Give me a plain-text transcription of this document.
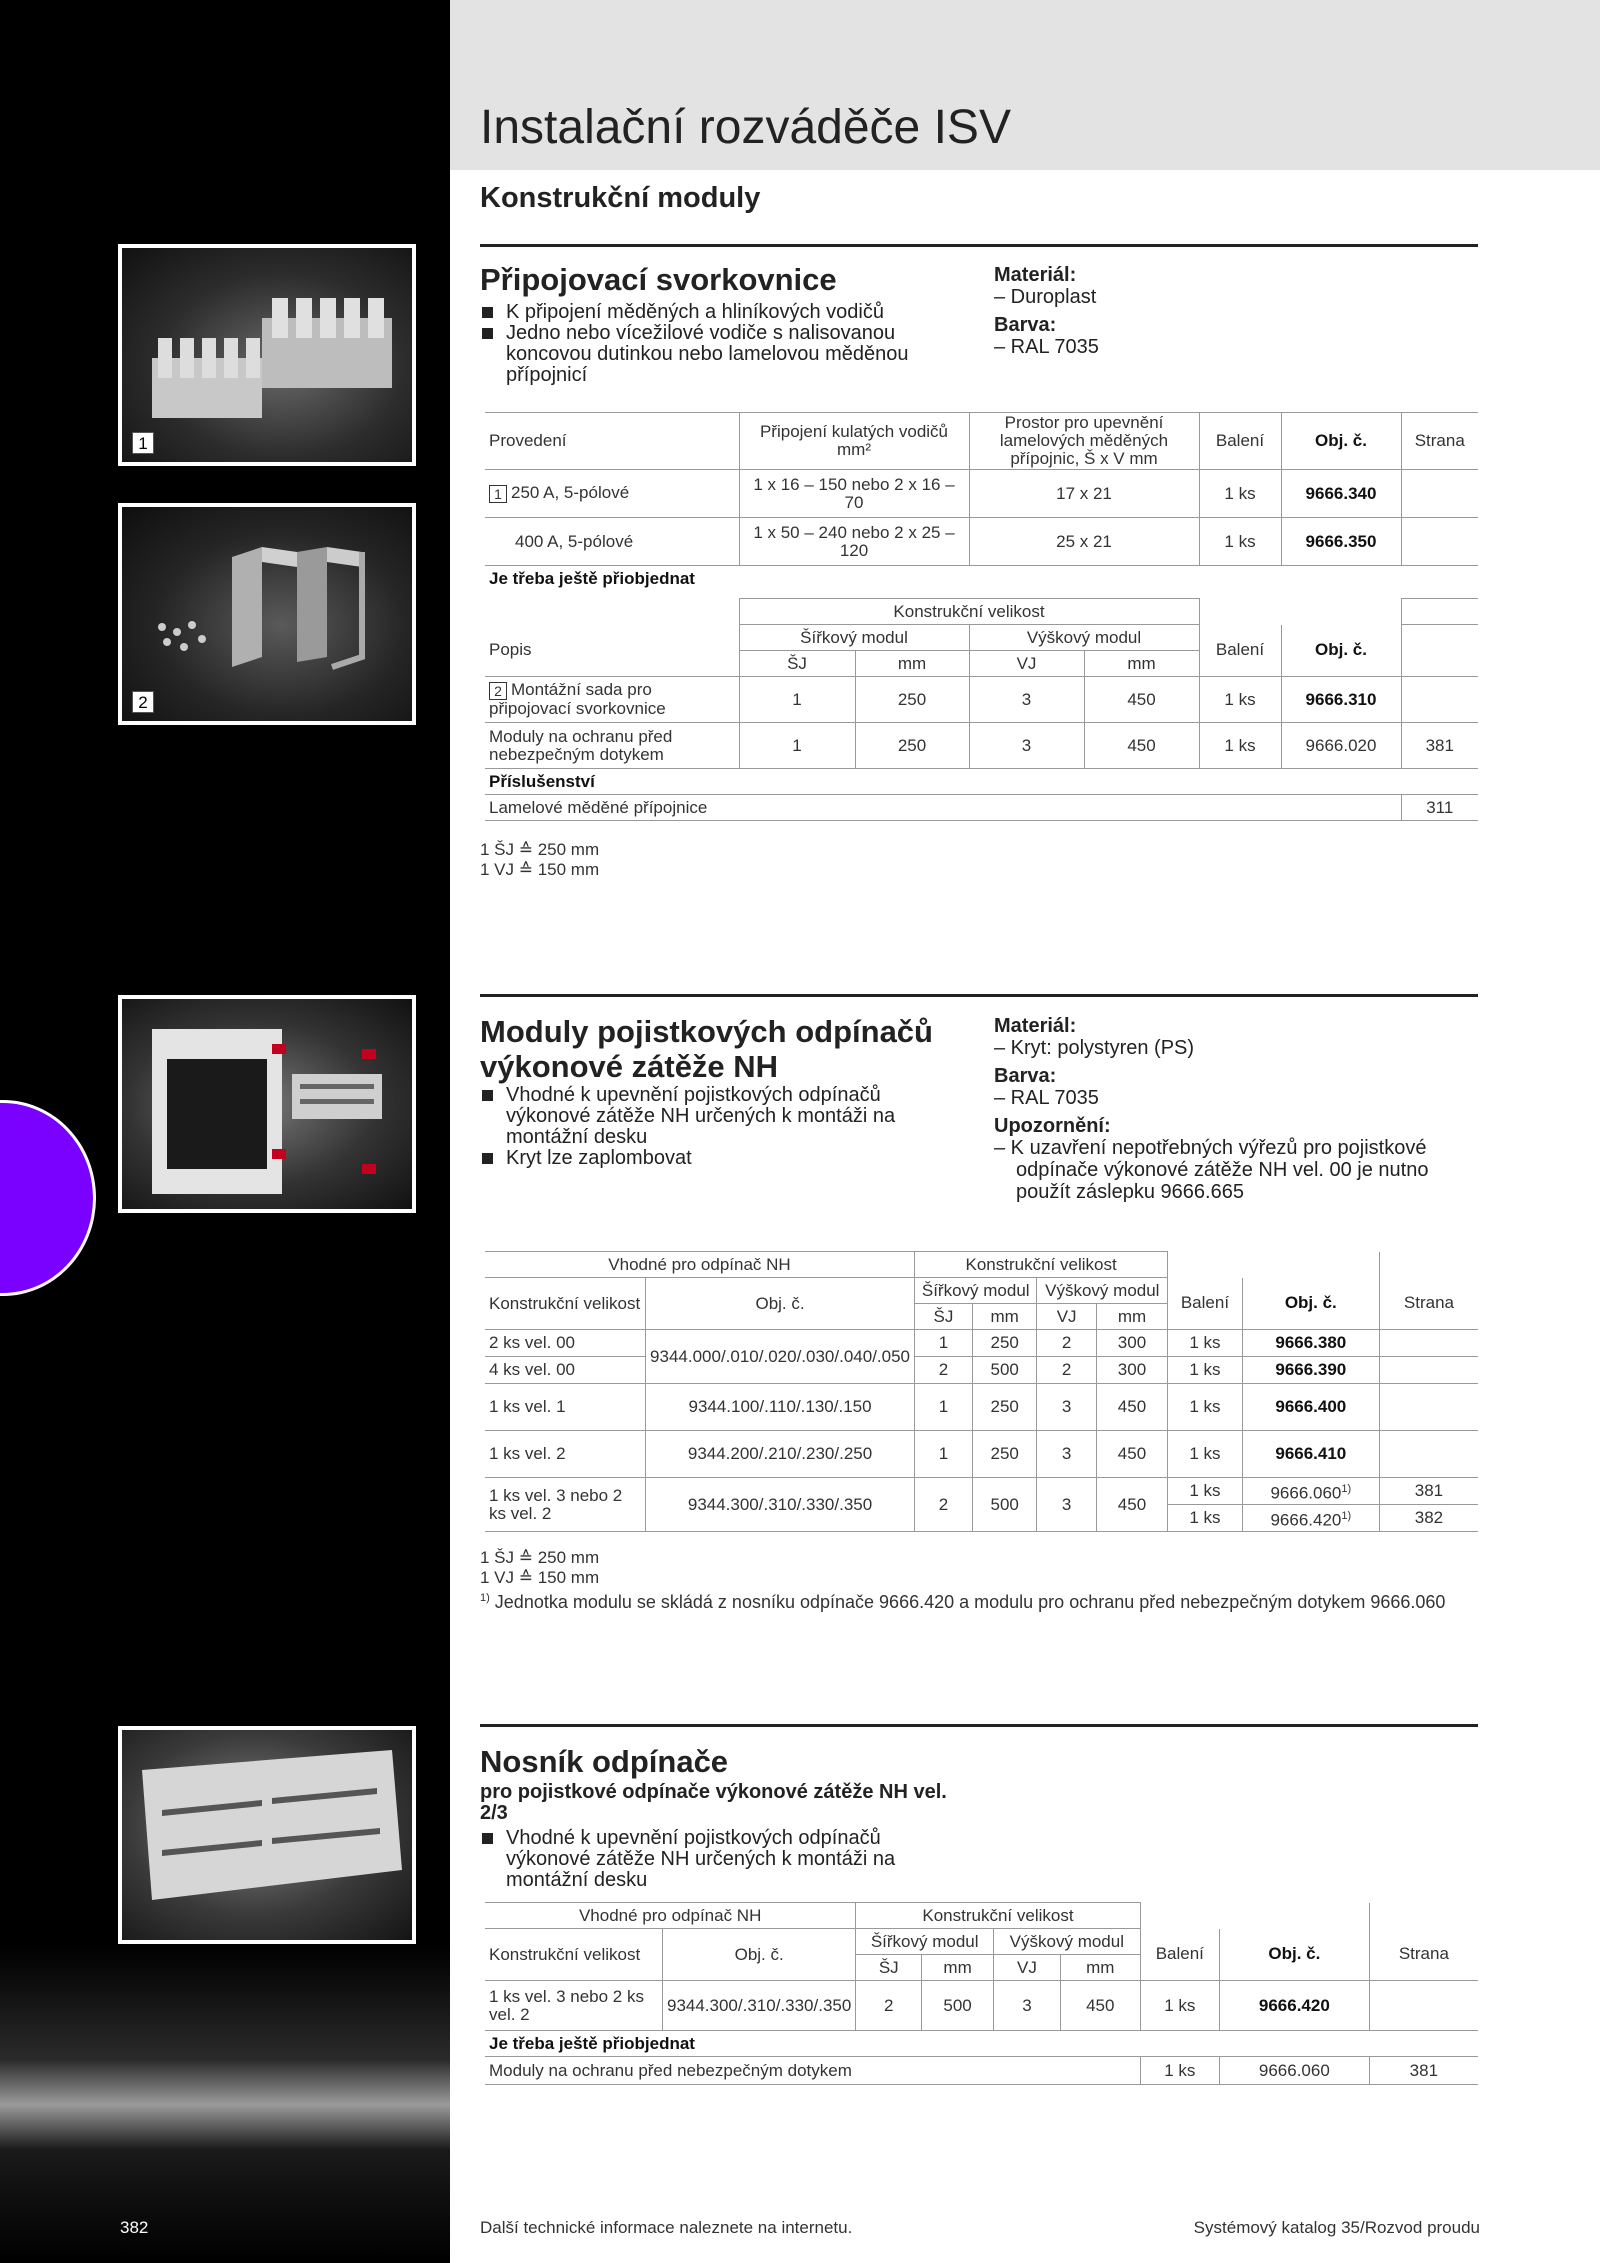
1
2
Instalační rozváděče ISV
Konstrukční moduly
Připojovací svorkovnice
K připojení měděných a hliníkových vodičů
Jedno nebo vícežilové vodiče s nalisovanou koncovou dutinkou nebo lamelovou měděnou přípojnicí
Materiál:
– Duroplast
Barva:
– RAL 7035
Provedení	Připojení kulatých vodičů mm²	Prostor pro upevnění lamelových měděných přípojnic, Š x V mm	Balení	Obj. č.	Strana
1 250 A, 5-pólové	1 x 16 – 150 nebo 2 x 16 – 70	17 x 21	1 ks	9666.340	
400 A, 5-pólové	1 x 50 – 240 nebo 2 x 25 – 120	25 x 21	1 ks	9666.350	
Je třeba ještě přiobjednat					
	Konstrukční velikost						
Popis	Šířkový modul		Výškový modul		Balení	Obj. č.	
	ŠJ	mm	VJ	mm			
2 Montážní sada pro připojovací svorkovnice	1	250	3	450	1 ks	9666.310	
Moduly na ochranu před nebezpečným dotykem	1	250	3	450	1 ks	9666.020	381
Příslušenství							
Lamelové měděné přípojnice							311
1 ŠJ ≙ 250 mm
1 VJ ≙ 150 mm
Moduly pojistkových odpínačů výkonové zátěže NH
Vhodné k upevnění pojistkových odpínačů výkonové zátěže NH určených k montáži na montážní desku
Kryt lze zaplombovat
Materiál:
– Kryt: polystyren (PS)
Barva:
– RAL 7035
Upozornění:
– K uzavření nepotřebných výřezů pro pojistkové odpínače výkonové zátěže NH vel. 00 je nutno použít záslepku 9666.665
Vhodné pro odpínač NH		Konstrukční velikost						
Konstrukční velikost	Obj. č.	Šířkový modul		Výškový modul		Balení	Obj. č.	Strana
		ŠJ	mm	VJ	mm			
2 ks vel. 00	9344.000/.010/.020/.030/.040/.050	1	250	2	300	1 ks	9666.380	
4 ks vel. 00		2	500	2	300	1 ks	9666.390	
1 ks vel. 1	9344.100/.110/.130/.150	1	250	3	450	1 ks	9666.400	
1 ks vel. 2	9344.200/.210/.230/.250	1	250	3	450	1 ks	9666.410	
1 ks vel. 3 nebo 2 ks vel. 2	9344.300/.310/.330/.350	2	500	3	450	1 ks	9666.060$^{1)}$	381
						1 ks	9666.420$^{1)}$	382
1 ŠJ ≙ 250 mm
1 VJ ≙ 150 mm
$^{1)}$ Jednotka modulu se skládá z nosníku odpínače 9666.420 a modulu pro ochranu před nebezpečným dotykem 9666.060
Nosník odpínače
pro pojistkové odpínače výkonové zátěže NH vel. 2/3
Vhodné k upevnění pojistkových odpínačů výkonové zátěže NH určených k montáži na montážní desku
Vhodné pro odpínač NH		Konstrukční velikost						
Konstrukční velikost	Obj. č.	Šířkový modul		Výškový modul		Balení	Obj. č.	Strana
		ŠJ	mm	VJ	mm			
1 ks vel. 3 nebo 2 ks vel. 2	9344.300/.310/.330/.350	2	500	3	450	1 ks	9666.420	
Je třeba ještě přiobjednat								
Moduly na ochranu před nebezpečným dotykem						1 ks	9666.060	381
382	Další technické informace naleznete na internetu.	Systémový katalog 35/Rozvod proudu
